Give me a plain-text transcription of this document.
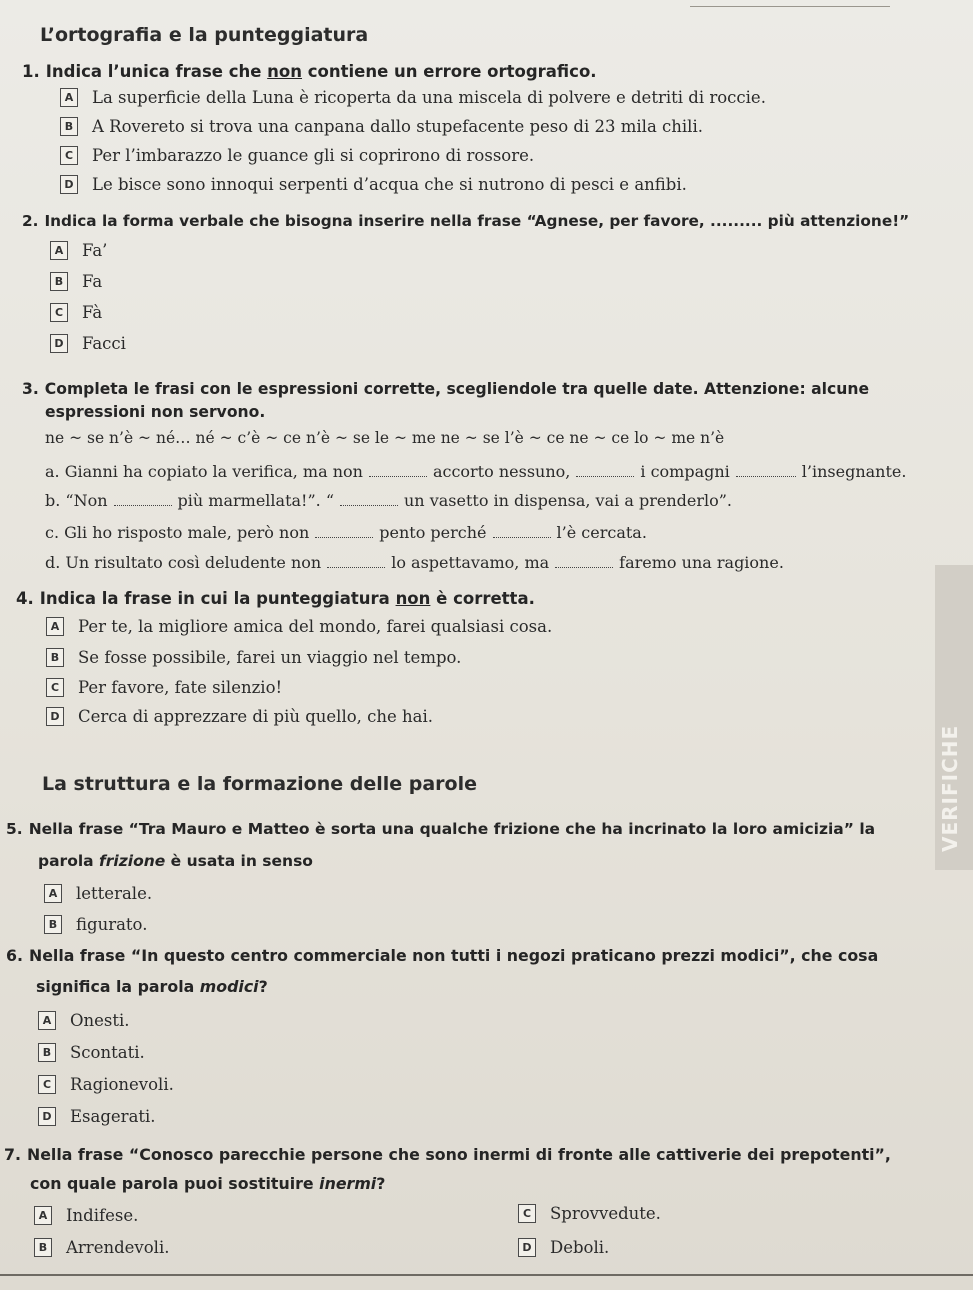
L’ortografia e la punteggiatura
1. Indica l’unica frase che non contiene un errore ortografico.
A La superficie della Luna è ricoperta da una miscela di polvere e detriti di roccie.
B A Rovereto si trova una canpana dallo stupefacente peso di 23 mila chili.
C	Per l’imbarazzo le guance gli si coprirono di rossore.
D Le bisce sono innoqui serpenti d’acqua che si nutrono di pesci e anfibi.
2. Indica la forma verbale che bisogna inserire nella frase “Agnese, per favore, ......... più attenzione!”
A Fa’
B Fa
C	Fà
D Facci
3. Completa le frasi con le espressioni corrette, scegliendole tra quelle date. Attenzione: alcune
espressioni non servono.
ne ~ se n’è ~ né… né ~ c’è ~ ce n’è ~ se le ~ me ne ~ se l’è ~ ce ne ~ ce lo ~ me n’è
a. Gianni ha copiato la verifica, ma non	accorto nessuno,	i compagni	l’insegnante.
b. “Non	più marmellata!”. “	un vasetto in dispensa, vai a prenderlo”.
c. Gli ho risposto male, però non	pento perché	l’è cercata.
d. Un risultato così deludente non	lo aspettavamo, ma	faremo una ragione.
4. Indica la frase in cui la punteggiatura non è corretta.
A Per te, la migliore amica del mondo, farei qualsiasi cosa.
B Se fosse possibile, farei un viaggio nel tempo.
C	Per favore, fate silenzio!
D Cerca di apprezzare di più quello, che hai.
La struttura e la formazione delle parole
5. Nella frase “Tra Mauro e Matteo è sorta una qualche frizione che ha incrinato la loro amicizia” la
parola frizione è usata in senso
A letterale.
B figurato.
6. Nella frase “In questo centro commerciale non tutti i negozi praticano prezzi modici”, che cosa
significa la parola modici?
A Onesti.
B Scontati.
C	Ragionevoli.
D Esagerati.
7. Nella frase “Conosco parecchie persone che sono inermi di fronte alle cattiverie dei prepotenti”,
con quale parola puoi sostituire inermi?
A Indifese.
B Arrendevoli.
C	Sprovvedute.
D Deboli.
